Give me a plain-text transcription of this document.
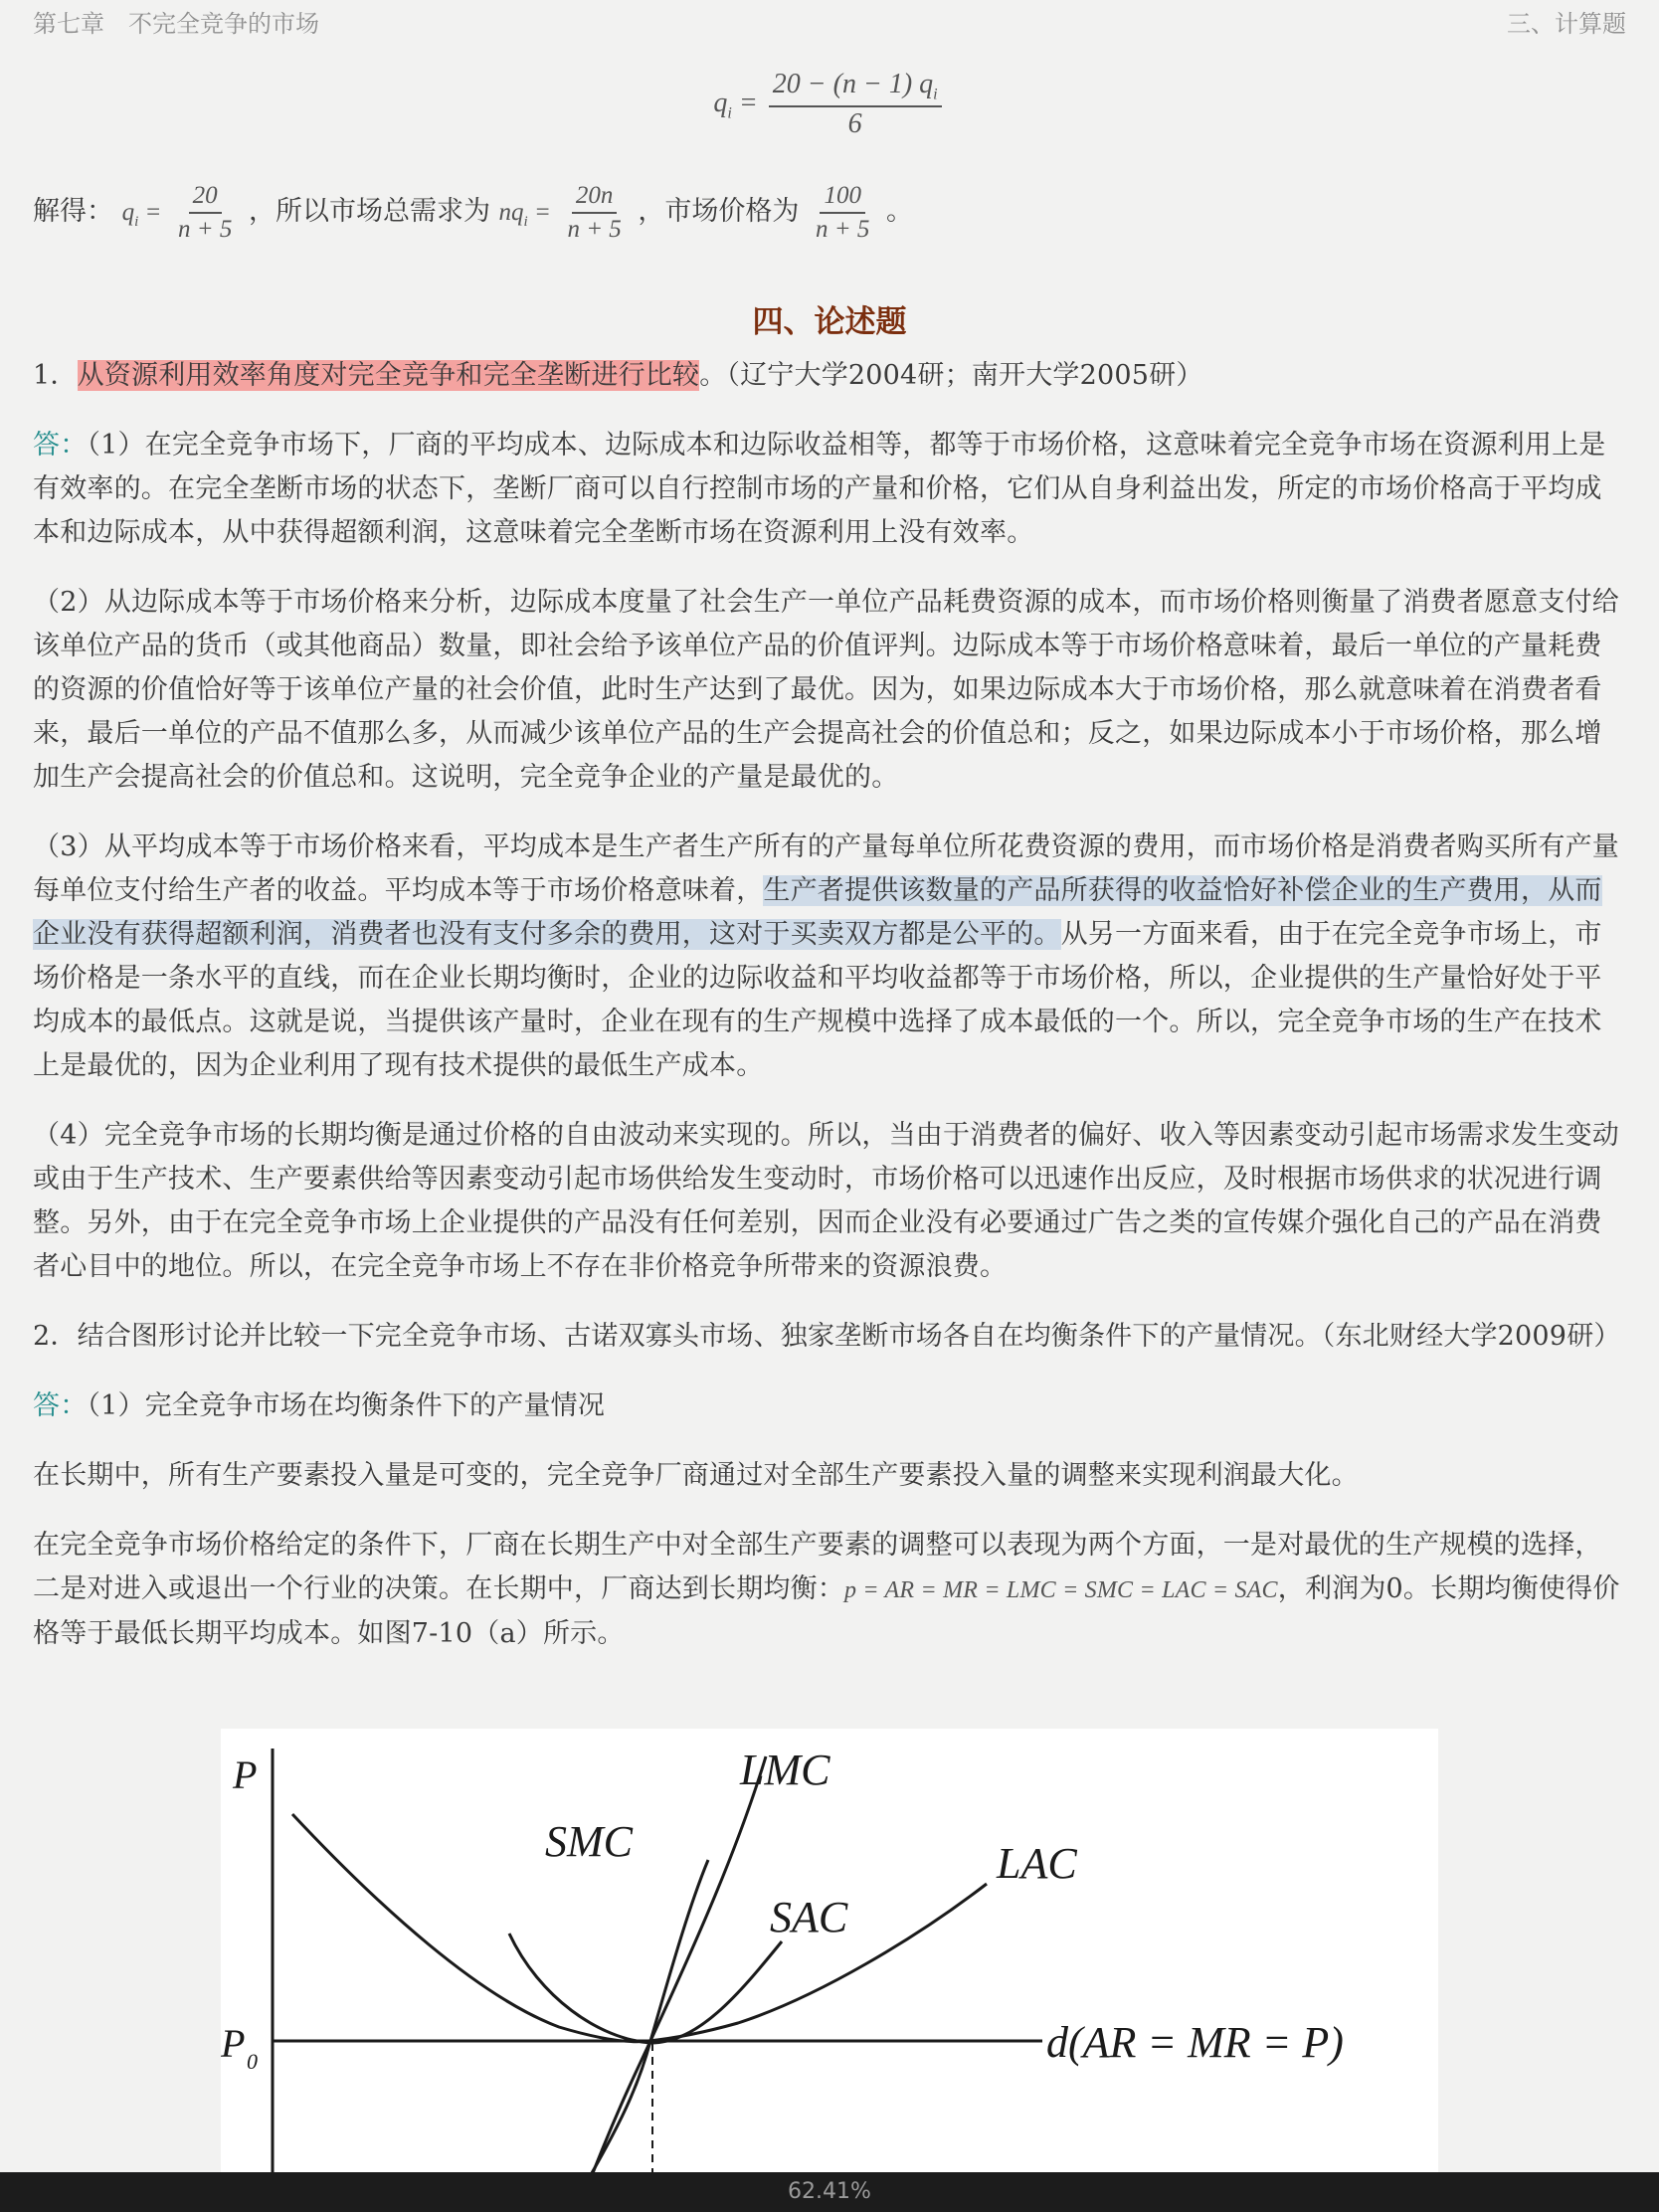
第七章　不完全竞争的市场	三、计算题
$q_i = \frac{20 - (n - 1) q_i}{6}$
解得： $q_i = \frac{20}{n + 5}$ ，所以市场总需求为 $nq_i = \frac{20n}{n + 5}$ ，市场价格为 $\frac{100}{n + 5}$ 。
四、论述题

1．从资源利用效率角度对完全竞争和完全垄断进行比较。（辽宁大学2004研；南开大学2005研）

答：（1）在完全竞争市场下，厂商的平均成本、边际成本和边际收益相等，都等于市场价格，这意味着完全竞争市场在资源利用上是有效率的。在完全垄断市场的状态下，垄断厂商可以自行控制市场的产量和价格，它们从自身利益出发，所定的市场价格高于平均成本和边际成本，从中获得超额利润，这意味着完全垄断市场在资源利用上没有效率。

（2）从边际成本等于市场价格来分析，边际成本度量了社会生产一单位产品耗费资源的成本，而市场价格则衡量了消费者愿意支付给该单位产品的货币（或其他商品）数量，即社会给予该单位产品的价值评判。边际成本等于市场价格意味着，最后一单位的产量耗费的资源的价值恰好等于该单位产量的社会价值，此时生产达到了最优。因为，如果边际成本大于市场价格，那么就意味着在消费者看来，最后一单位的产品不值那么多，从而减少该单位产品的生产会提高社会的价值总和；反之，如果边际成本小于市场价格，那么增加生产会提高社会的价值总和。这说明，完全竞争企业的产量是最优的。

（3）从平均成本等于市场价格来看，平均成本是生产者生产所有的产量每单位所花费资源的费用，而市场价格是消费者购买所有产量每单位支付给生产者的收益。平均成本等于市场价格意味着，生产者提供该数量的产品所获得的收益恰好补偿企业的生产费用，从而企业没有获得超额利润，消费者也没有支付多余的费用，这对于买卖双方都是公平的。从另一方面来看，由于在完全竞争市场上，市场价格是一条水平的直线，而在企业长期均衡时，企业的边际收益和平均收益都等于市场价格，所以，企业提供的生产量恰好处于平均成本的最低点。这就是说，当提供该产量时，企业在现有的生产规模中选择了成本最低的一个。所以，完全竞争市场的生产在技术上是最优的，因为企业利用了现有技术提供的最低生产成本。

（4）完全竞争市场的长期均衡是通过价格的自由波动来实现的。所以，当由于消费者的偏好、收入等因素变动引起市场需求发生变动或由于生产技术、生产要素供给等因素变动引起市场供给发生变动时，市场价格可以迅速作出反应，及时根据市场供求的状况进行调整。另外，由于在完全竞争市场上企业提供的产品没有任何差别，因而企业没有必要通过广告之类的宣传媒介强化自己的产品在消费者心目中的地位。所以，在完全竞争市场上不存在非价格竞争所带来的资源浪费。

2．结合图形讨论并比较一下完全竞争市场、古诺双寡头市场、独家垄断市场各自在均衡条件下的产量情况。（东北财经大学2009研）

答：（1）完全竞争市场在均衡条件下的产量情况

在长期中，所有生产要素投入量是可变的，完全竞争厂商通过对全部生产要素投入量的调整来实现利润最大化。

在完全竞争市场价格给定的条件下，厂商在长期生产中对全部生产要素的调整可以表现为两个方面，一是对最优的生产规模的选择，二是对进入或退出一个行业的决策。在长期中，厂商达到长期均衡：p = AR = MR = LMC = SMC = LAC = SAC，利润为0。长期均衡使得价格等于最低长期平均成本。如图7-10（a）所示。

P
d(AR = MR = P)
P 0
LAC
SAC
SMC
LMC
62.41%
